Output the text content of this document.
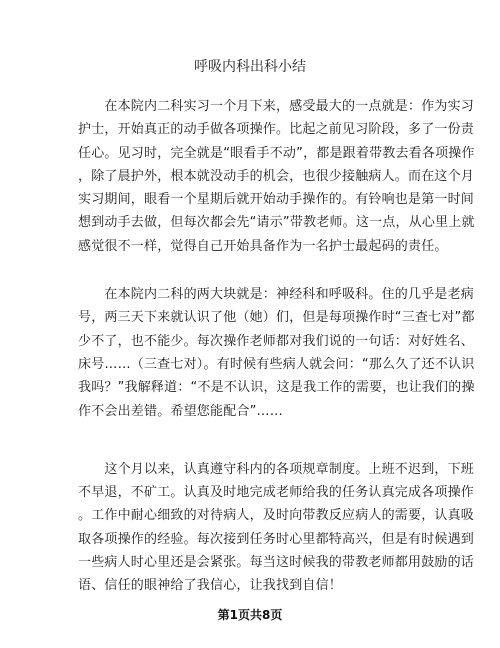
呼吸内科出科小结

　　在本院内二科实习一个月下来，感受最大的一点就是：作为实习
护士，开始真正的动手做各项操作。比起之前见习阶段，多了一份责
任心。见习时，完全就是“眼看手不动”，都是跟着带教去看各项操作
，除了晨护外，根本就没动手的机会，也很少接触病人。而在这个月
实习期间，眼看一个星期后就开始动手操作的。有铃响也是第一时间
想到动手去做，但每次都会先“请示”带教老师。这一点，从心里上就
感觉很不一样，觉得自己开始具备作为一名护士最起码的责任。

　　在本院内二科的两大块就是：神经科和呼吸科。住的几乎是老病
号，两三天下来就认识了他（她）们，但是每项操作时“三查七对”都
少不了，也不能少。每次操作老师都对我们说的一句话：对好姓名、
床号……（三查七对）。有时候有些病人就会问：“那么久了还不认识
我吗？”我解释道：“不是不认识，这是我工作的需要，也让我们的操
作不会出差错。希望您能配合”……

　　这个月以来，认真遵守科内的各项规章制度。上班不迟到，下班
不早退，不矿工。认真及时地完成老师给我的任务认真完成各项操作
。工作中耐心细致的对待病人，及时向带教反应病人的需要，认真吸
取各项操作的经验。每次接到任务时心里都特高兴，但是有时候遇到
一些病人时心里还是会紧张。每当这时候我的带教老师都用鼓励的话
语、信任的眼神给了我信心，让我找到自信！

第1页共8页
